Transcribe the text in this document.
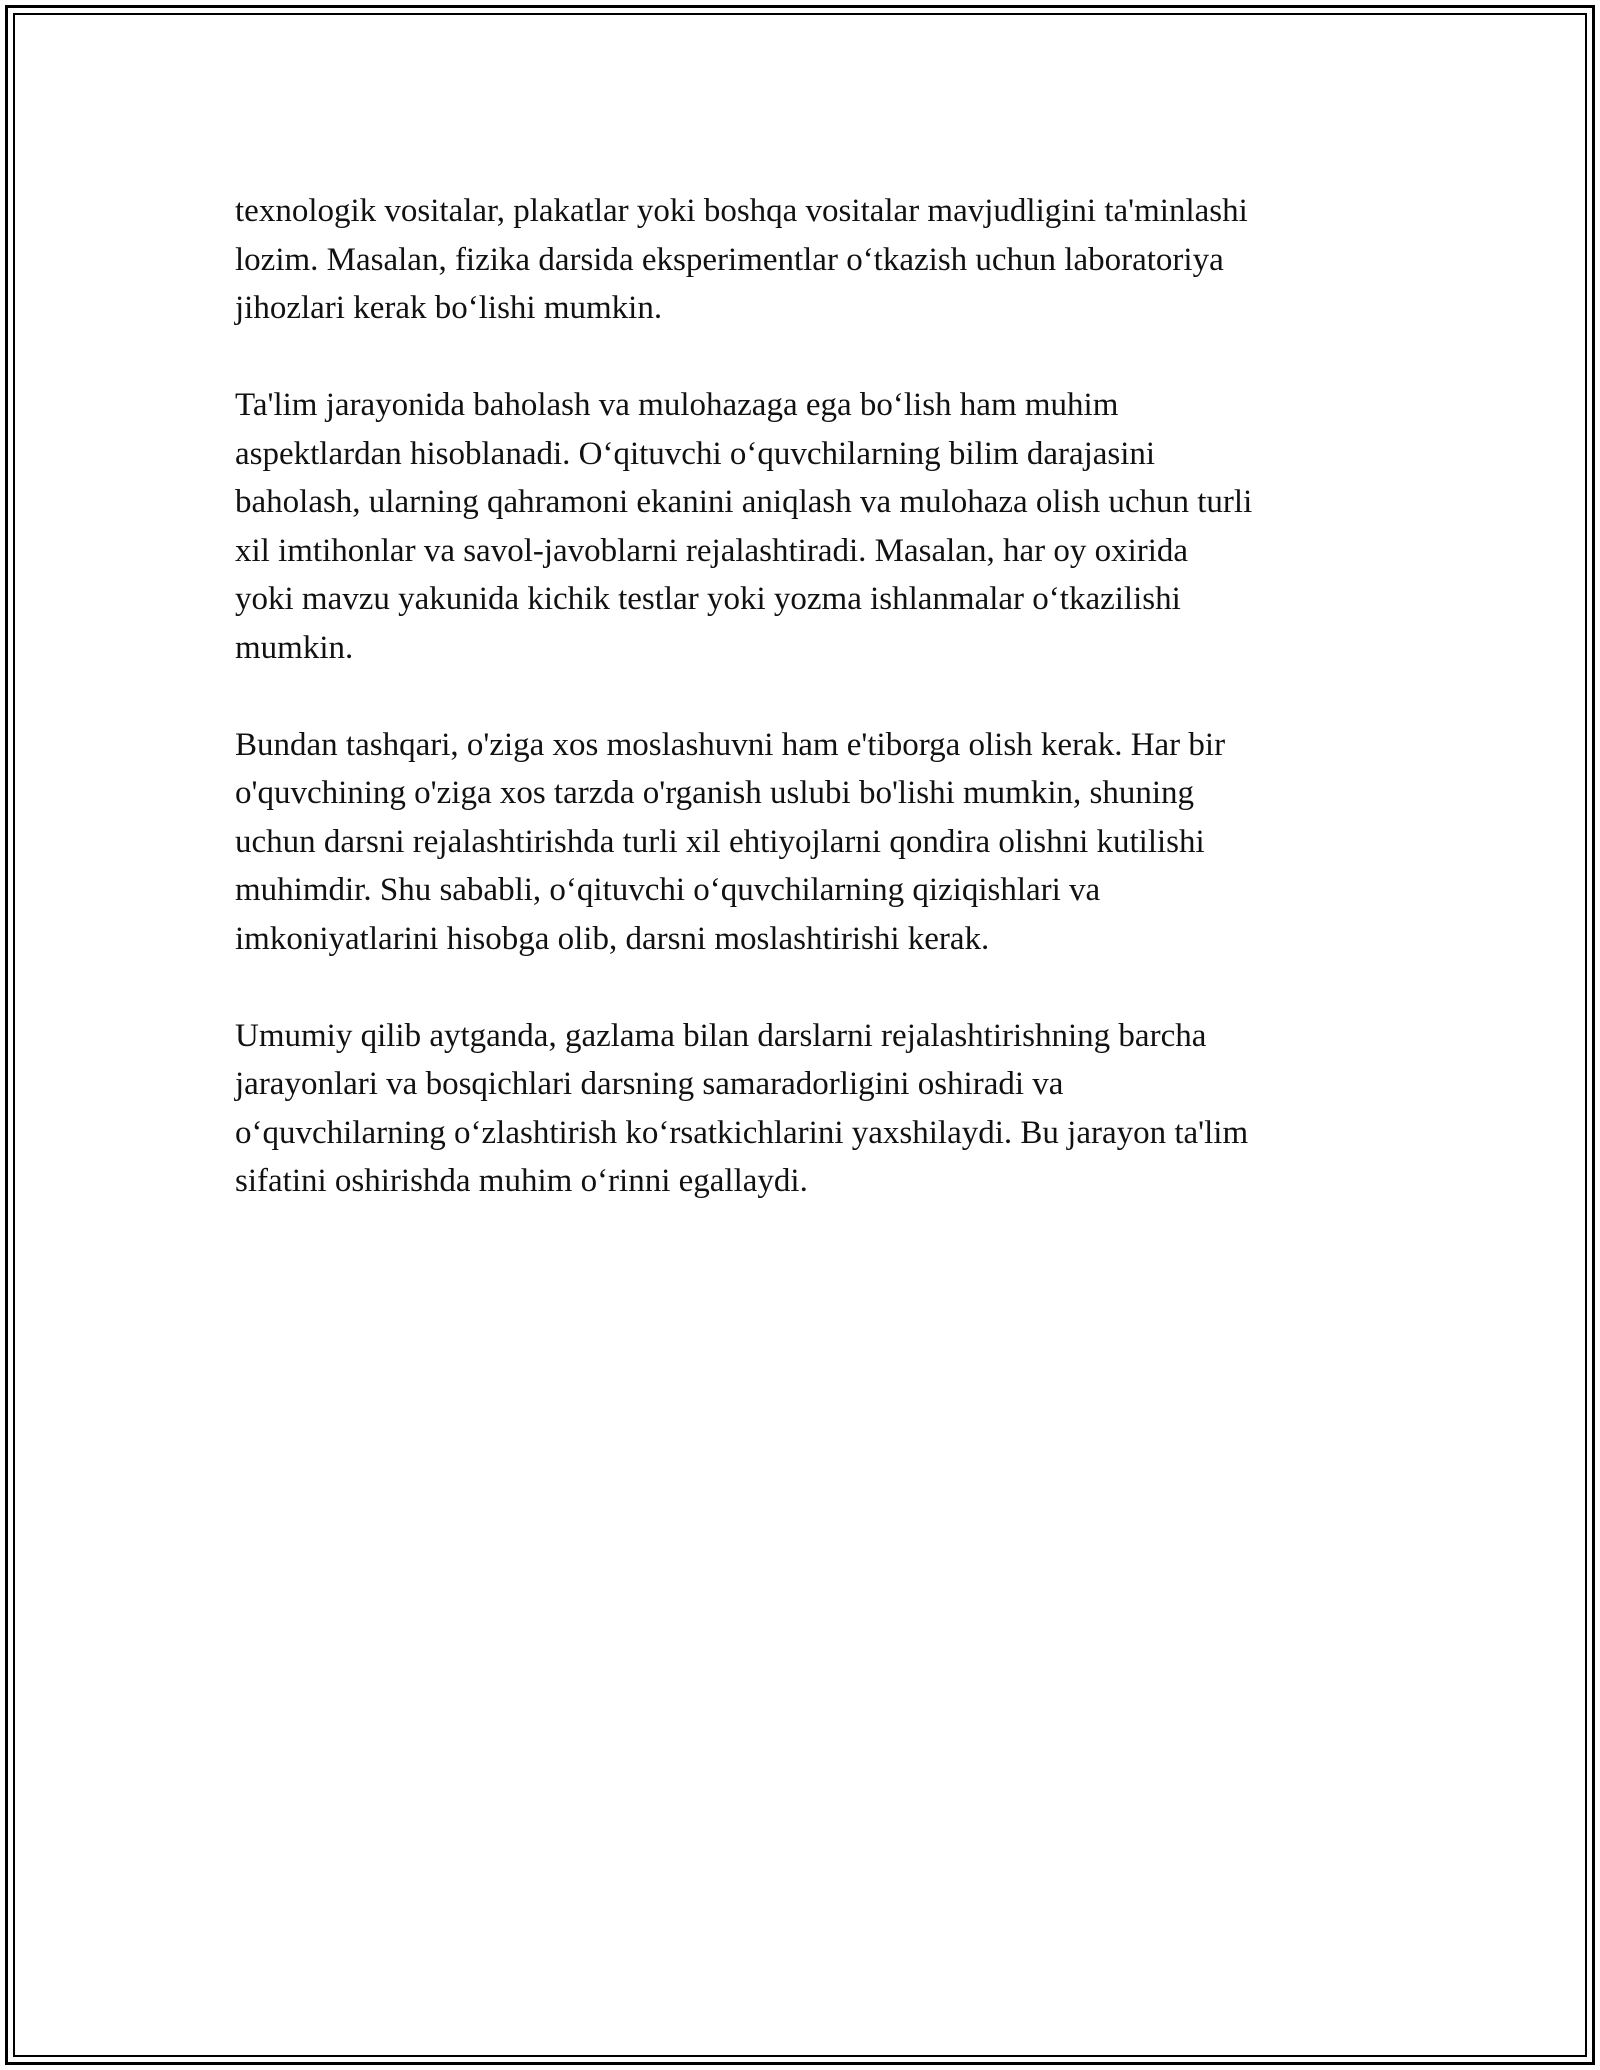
texnologik vositalar, plakatlar yoki boshqa vositalar mavjudligini ta'minlashi
lozim. Masalan, fizika darsida eksperimentlar o‘tkazish uchun laboratoriya
jihozlari kerak bo‘lishi mumkin.

Ta'lim jarayonida baholash va mulohazaga ega bo‘lish ham muhim
aspektlardan hisoblanadi. O‘qituvchi o‘quvchilarning bilim darajasini
baholash, ularning qahramoni ekanini aniqlash va mulohaza olish uchun turli
xil imtihonlar va savol-javoblarni rejalashtiradi. Masalan, har oy oxirida
yoki mavzu yakunida kichik testlar yoki yozma ishlanmalar o‘tkazilishi
mumkin.

Bundan tashqari, o'ziga xos moslashuvni ham e'tiborga olish kerak. Har bir
o'quvchining o'ziga xos tarzda o'rganish uslubi bo'lishi mumkin, shuning
uchun darsni rejalashtirishda turli xil ehtiyojlarni qondira olishni kutilishi
muhimdir. Shu sababli, o‘qituvchi o‘quvchilarning qiziqishlari va
imkoniyatlarini hisobga olib, darsni moslashtirishi kerak.

Umumiy qilib aytganda, gazlama bilan darslarni rejalashtirishning barcha
jarayonlari va bosqichlari darsning samaradorligini oshiradi va
o‘quvchilarning o‘zlashtirish ko‘rsatkichlarini yaxshilaydi. Bu jarayon ta'lim
sifatini oshirishda muhim o‘rinni egallaydi.
